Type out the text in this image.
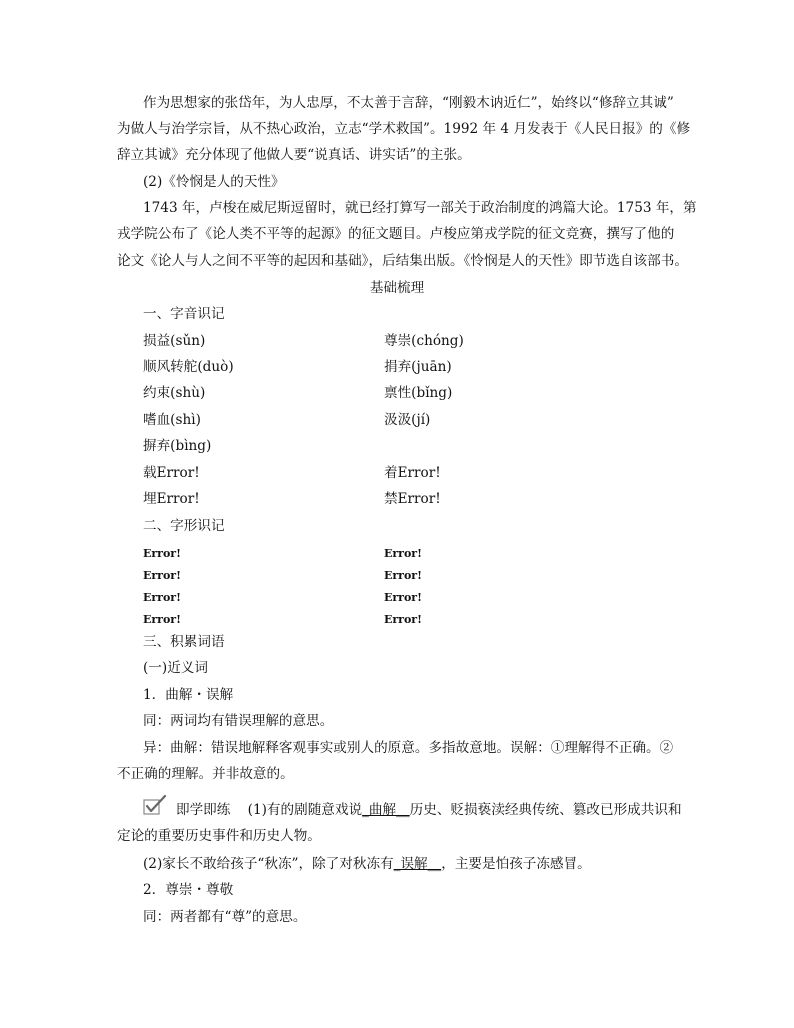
作为思想家的张岱年，为人忠厚，不太善于言辞，“刚毅木讷近仁”，始终以“修辞立其诚”
为做人与治学宗旨，从不热心政治，立志“学术救国”。1992 年 4 月发表于《人民日报》的《修
辞立其诚》充分体现了他做人要“说真话、讲实话”的主张。
(2)《怜悯是人的天性》
1743 年，卢梭在威尼斯逗留时，就已经打算写一部关于政治制度的鸿篇大论。1753 年，第
戎学院公布了《论人类不平等的起源》的征文题目。卢梭应第戎学院的征文竞赛，撰写了他的
论文《论人与人之间不平等的起因和基础》，后结集出版。《怜悯是人的天性》即节选自该部书。
基础梳理
一、字音识记
损益(sǔn)	尊崇(chóng)
顺风转舵(duò)	捐弃(juān)
约束(shù)	禀性(bǐng)
嗜血(shì)	汲汲(jí)
摒弃(bìng)
载Error!	着Error!
埋Error!	禁Error!
二、字形识记
Error!	Error!
Error!	Error!
Error!	Error!
Error!	Error!
三、积累词语
(一)近义词
1．曲解・误解
同：两词均有错误理解的意思。
异：曲解：错误地解释客观事实或别人的原意。多指故意地。误解：①理解得不正确。②
不正确的理解。并非故意的。
即学即练 (1)有的剧随意戏说_曲解__历史、贬损亵渎经典传统、篡改已形成共识和
定论的重要历史事件和历史人物。
(2)家长不敢给孩子“秋冻”，除了对秋冻有_误解__，主要是怕孩子冻感冒。
2．尊崇・尊敬
同：两者都有“尊”的意思。
